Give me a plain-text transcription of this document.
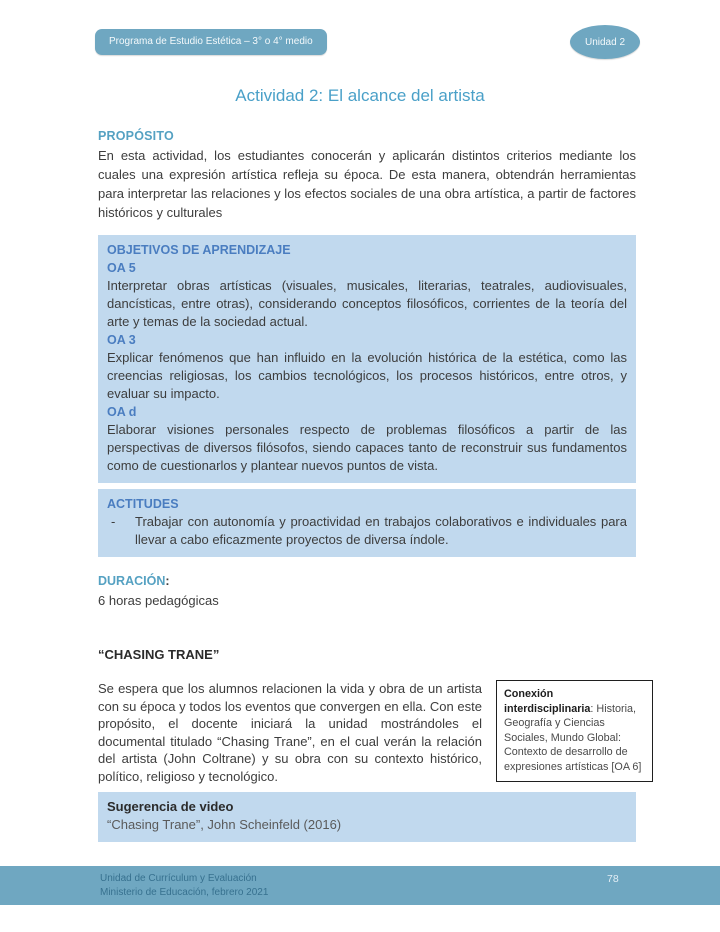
Programa de Estudio Estética – 3° o 4° medio	Unidad 2
Actividad 2: El alcance del artista
PROPÓSITO
En esta actividad, los estudiantes conocerán y aplicarán distintos criterios mediante los cuales una expresión artística refleja su época. De esta manera, obtendrán herramientas para interpretar las relaciones y los efectos sociales de una obra artística, a partir de factores históricos y culturales
OBJETIVOS DE APRENDIZAJE
OA 5
Interpretar obras artísticas (visuales, musicales, literarias, teatrales, audiovisuales, dancísticas, entre otras), considerando conceptos filosóficos, corrientes de la teoría del arte y temas de la sociedad actual.
OA 3
Explicar fenómenos que han influido en la evolución histórica de la estética, como las creencias religiosas, los cambios tecnológicos, los procesos históricos, entre otros, y evaluar su impacto.
OA d
Elaborar visiones personales respecto de problemas filosóficos a partir de las perspectivas de diversos filósofos, siendo capaces tanto de reconstruir sus fundamentos como de cuestionarlos y plantear nuevos puntos de vista.
ACTITUDES
-	Trabajar con autonomía y proactividad en trabajos colaborativos e individuales para llevar a cabo eficazmente proyectos de diversa índole.
DURACIÓN:
6 horas pedagógicas
“CHASING TRANE”
Se espera que los alumnos relacionen la vida y obra de un artista con su época y todos los eventos que convergen en ella. Con este propósito, el docente iniciará la unidad mostrándoles el documental titulado “Chasing Trane”, en el cual verán la relación del artista (John Coltrane) y su obra con su contexto histórico, político, religioso y tecnológico.
Conexión interdisciplinaria: Historia, Geografía y Ciencias Sociales, Mundo Global: Contexto de desarrollo de expresiones artísticas [OA 6]
Sugerencia de video
“Chasing Trane”, John Scheinfeld (2016)
Unidad de Currículum y Evaluación
Ministerio de Educación, febrero 2021
78
